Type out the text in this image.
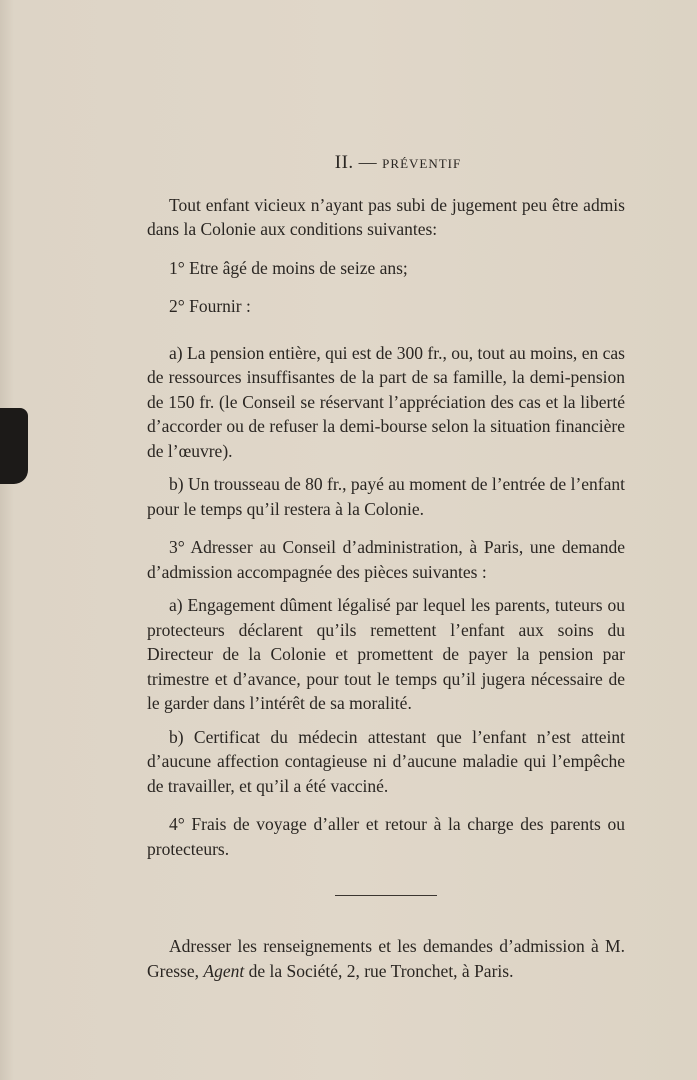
II. — PRÉVENTIF

Tout enfant vicieux n’ayant pas subi de jugement peu être admis dans la Colonie aux conditions suivantes:

1° Etre âgé de moins de seize ans;

2° Fournir :

a) La pension entière, qui est de 300 fr., ou, tout au moins, en cas de ressources insuffisantes de la part de sa famille, la demi-pension de 150 fr. (le Conseil se réservant l’appréciation des cas et la liberté d’accorder ou de refuser la demi-bourse selon la situation financière de l’œuvre).

b) Un trousseau de 80 fr., payé au moment de l’entrée de l’enfant pour le temps qu’il restera à la Colonie.

3° Adresser au Conseil d’administration, à Paris, une demande d’admission accompagnée des pièces suivantes :

a) Engagement dûment légalisé par lequel les parents, tuteurs ou protecteurs déclarent qu’ils remettent l’enfant aux soins du Directeur de la Colonie et promettent de payer la pension par trimestre et d’avance, pour tout le temps qu’il jugera nécessaire de le garder dans l’intérêt de sa moralité.

b) Certificat du médecin attestant que l’enfant n’est atteint d’aucune affection contagieuse ni d’aucune maladie qui l’empêche de travailler, et qu’il a été vacciné.

4° Frais de voyage d’aller et retour à la charge des parents ou protecteurs.

Adresser les renseignements et les demandes d’admission à M. Gresse, Agent de la Société, 2, rue Tronchet, à Paris.
